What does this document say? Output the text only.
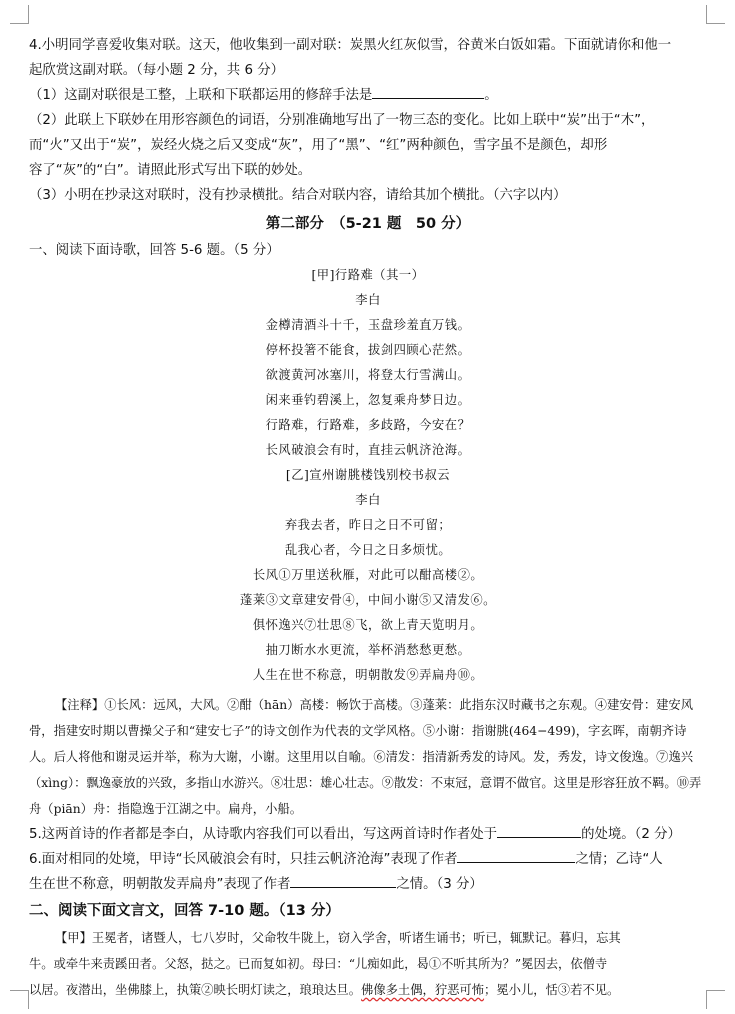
4.小明同学喜爱收集对联。这天，他收集到一副对联：炭黑火红灰似雪，谷黄米白饭如霜。下面就请你和他一

起欣赏这副对联。（每小题 2 分，共 6 分）

（1）这副对联很是工整，上联和下联都运用的修辞手法是	。

（2）此联上下联妙在用形容颜色的词语，分别准确地写出了一物三态的变化。比如上联中“炭”出于“木”，

而“火”又出于“炭”，炭经火烧之后又变成“灰”，用了“黑”、“红”两种颜色，雪字虽不是颜色，却形

容了“灰”的“白”。请照此形式写出下联的妙处。

（3）小明在抄录这对联时，没有抄录横批。结合对联内容，请给其加个横批。（六字以内）

第二部分　（5-21 题　50 分）

一、阅读下面诗歌，回答 5-6 题。（5 分）

[甲]行路难（其一）

李白

金樽清酒斗十千，玉盘珍羞直万钱。

停杯投箸不能食，拔剑四顾心茫然。

欲渡黄河冰塞川，将登太行雪满山。

闲来垂钓碧溪上，忽复乘舟梦日边。

行路难，行路难，多歧路，今安在？

长风破浪会有时，直挂云帆济沧海。

[乙]宣州谢朓楼饯别校书叔云

李白

弃我去者，昨日之日不可留；

乱我心者，今日之日多烦忧。

长风①万里送秋雁，对此可以酣高楼②。

蓬莱③文章建安骨④，中间小谢⑤又清发⑥。

俱怀逸兴⑦壮思⑧飞，欲上青天览明月。

抽刀断水水更流，举杯消愁愁更愁。

人生在世不称意，明朝散发⑨弄扁舟⑩。

【注释】①长风：远风，大风。②酣（hān）高楼：畅饮于高楼。③蓬莱：此指东汉时藏书之东观。④建安骨：建安风骨，指建安时期以曹操父子和“建安七子”的诗文创作为代表的文学风格。⑤小谢：指谢朓(464−499)，字玄晖，南朝齐诗人。后人将他和谢灵运并举，称为大谢，小谢。这里用以自喻。⑥清发：指清新秀发的诗风。发，秀发，诗文俊逸。⑦逸兴（xìng）：飘逸豪放的兴致，多指山水游兴。⑧壮思：雄心壮志。⑨散发：不束冠，意谓不做官。这里是形容狂放不羁。⑩弄舟（piān）舟：指隐逸于江湖之中。扁舟，小船。

5.这两首诗的作者都是李白，从诗歌内容我们可以看出，写这两首诗时作者处于	的处境。（2 分）

6.面对相同的处境，甲诗“长风破浪会有时，只挂云帆济沧海”表现了作者	之情；乙诗“人

生在世不称意，明朝散发弄扁舟”表现了作者	之情。（3 分）

二、阅读下面文言文，回答 7-10 题。（13 分）

【甲】王冕者，诸暨人，七八岁时，父命牧牛陇上，窃入学舍，听诸生诵书；听已，辄默记。暮归，忘其

牛。或牵牛来责蹊田者。父怒，挞之。已而复如初。母曰：“儿痴如此，曷①不听其所为？”冕因去，依僧寺

以居。夜潜出，坐佛膝上，执策②映长明灯读之，琅琅达旦。佛像多土偶，狞恶可怖；冕小儿，恬③若不见。
